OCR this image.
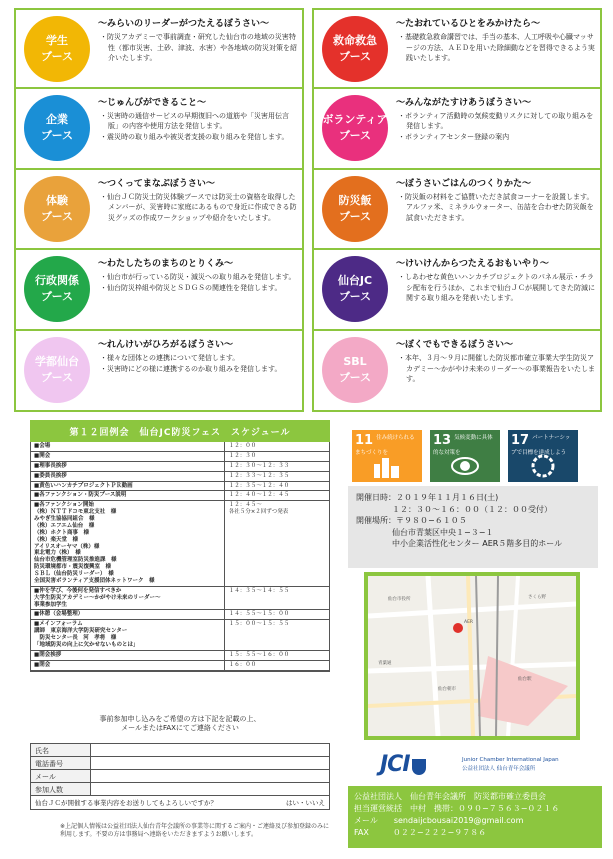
学生
ブース
〜みらいのリーダーがつたえるぼうさい〜
・防災アカデミーで事前調査・研究した仙台市の地域の災害特性（都市災害、土砂、津波、水害）や各地域の防災対策を紹介いたします。
企業
ブース
〜じゅんびができること〜
・災害時の通信サービスの早期復旧への道筋や「災害用伝言版」の内容や使用方法を発信します。
・震災時の取り組みや被災者支援の取り組みを発信します。
体験
ブース
〜つくってまなぶぼうさい〜
・仙台ＪＣ防災士防災体験ブースでは防災士の資格を取得したメンバーが、災害時に家庭にあるもので身近に作成できる防災グッズの作成ワークショップや紹介をいたします。
行政関係
ブース
〜わたしたちのまちのとりくみ〜
・仙台市が行っている防災・減災への取り組みを発信します。
・仙台防災枠組や防災とＳＤＧＳの関連性を発信します。
学都仙台
ブース
〜れんけいがひろがるぼうさい〜
・様々な団体との連携について発信します。
・災害時にどの様に連携するのか取り組みを発信します。
救命救急
ブース
〜たおれているひとをみかけたら〜
・基礎救急救命講習では、手当の基本、人工呼吸や心臓マッサージの方法、ＡＥＤを用いた除細動などを習得できるよう実践いたします。
ボランティア
ブース
〜みんながたすけあうぼうさい〜
・ボランティア活動時の気候変動リスクに対しての取り組みを発信します。
・ボランティアセンター登録の案内
防災飯
ブース
〜ぼうさいごはんのつくりかた〜
・防災飯の材料をご協賛いただき試食コーナーを設置します。アルファ米、ミネラルウォーター、缶詰を合わせた防災飯を試食いただきます。
仙台JC
ブース
〜けいけんからつたえるおもいやり〜
・しあわせな黄色いハンカチプロジェクトのパネル展示・チラシ配布を行うほか、これまで仙台ＪＣが展開してきた防減に関する取り組みを発表いたします。
SBL
ブース
〜ぼくでもできるぼうさい〜
・本年、３月〜９月に開催した防災都市確立事業大学生防災アカデミー〜かがやけ未来のリーダー〜の事業報告をいたします。
第１２回例会　仙台JC防災フェス　スケジュール
■会場	１２：００
■開会	１２：３０
■理事長挨拶	１２：３０〜１２：３３
■委員長挨拶	１２：３３〜１２：３５
■黄色いハンカチプロジェクトＰＲ動画	１２：３５〜１２：４０
■各ファンクション・防災ブース説明	１２：４０〜１２：４５
■各ファンクション開始
（株）ＮＴＴドコモ東北支社　様
みやぎ生協協同組合　様
（株）エフエム仙台　様
（株）ホクト商事　様
（株）楽天堂　様
アイリスオーヤマ（株）様
東北電力（株）　様
仙台市危機管理室防災推進課　様
防災環境都市・震災復興室　様
ＳＢＬ（仙台防災リーダー）　様
全国災害ボランティア支援団体ネットワーク　様
１２：４５〜
各社５分×２回ずつ発表
■仲を学び、今後何を発信すべきか
大学生防災アカデミー〜かがやけ未来のリーダー〜
事業参加学生
１４：３５〜１４：５５
■休憩（会場整理）	１４：５５〜１５：００
■メインフォーラム
講師　東京海洋大学防災研究センター
　防災センター長　河　孝将　様
「地域防災の向上に欠かせないものとは」
１５：００〜１５：５５
■閉会挨拶	１５：５５〜１６：００
■閉会	１６：００
事前参加申し込みをご希望の方は下記を記載の上、
メールまたはFAXにてご連絡ください
氏名
電話番号
メール
参加人数
仙台ＪＣが開催する事業内容をお送りしてもよろしいですか？	はい・いいえ
※上記個人情報は公益社団法人仙台青年会議所の事業等に関するご案内・ご連絡及び参加登録のみに利用します。不要の方は事務局へ連絡をいただきますようお願いします。
11 住み続けられるまちづくりを
13 気候変動に具体的な対策を
17 パートナーシップで目標を達成しよう
開催日時：２０１９年１１月１６日(土)
１２：３０〜１６：００（１２：００受付）
開催場所：〒９８０−６１０５
仙台市青葉区中央１−３−１
中小企業活性化センター AER５階多目的ホール
AER
仙台駅
青葉通
仙台朝市
さくら野
仙台市役所
JCI	Junior Chamber International Japan
公益社団法人 仙台青年会議所
公益社団法人　仙台青年会議所　防災都市確立委員会
担当運営統括　中村　携帯：０９０−７５６３−０２１６
メール　　sendaijcbousai2019@gmail.com
FAX　　　０２２−２２２−９７８６
